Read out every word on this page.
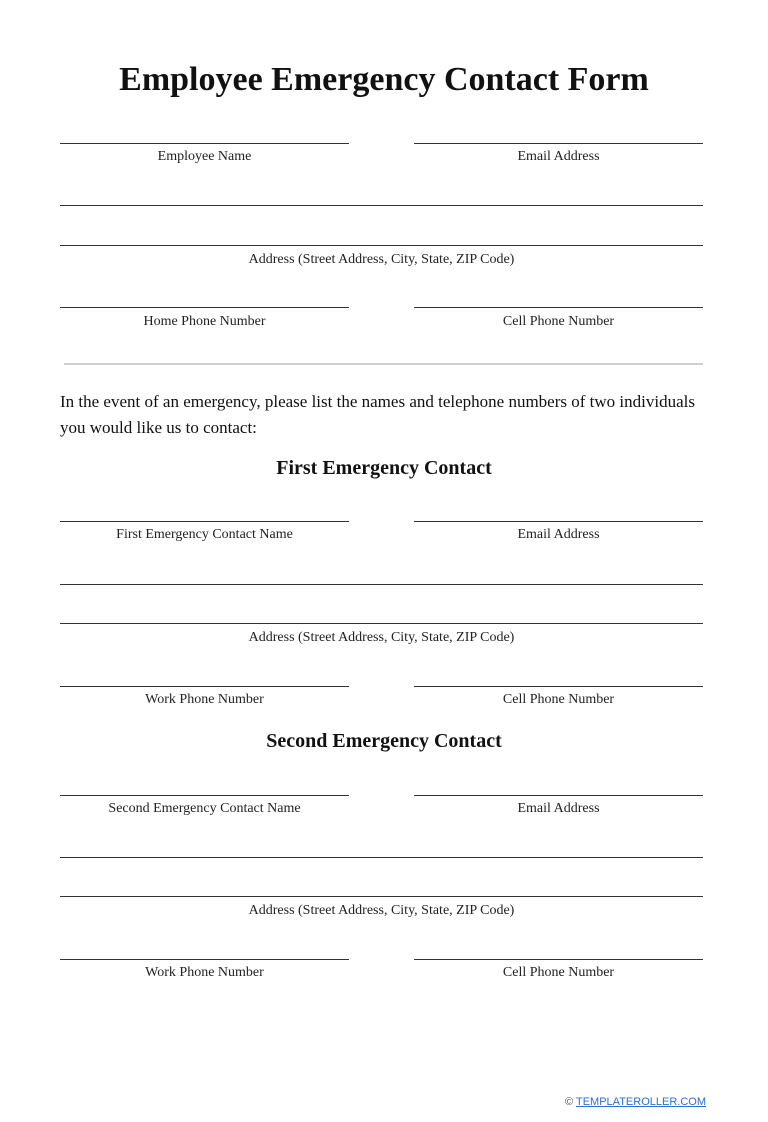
Employee Emergency Contact Form
Employee Name	Email Address
Address (Street Address, City, State, ZIP Code)
Home Phone Number	Cell Phone Number
In the event of an emergency, please list the names and telephone numbers of two individuals you would like us to contact:
First Emergency Contact
First Emergency Contact Name	Email Address
Address (Street Address, City, State, ZIP Code)
Work Phone Number	Cell Phone Number
Second Emergency Contact
Second Emergency Contact Name	Email Address
Address (Street Address, City, State, ZIP Code)
Work Phone Number	Cell Phone Number
© TEMPLATEROLLER.COM
